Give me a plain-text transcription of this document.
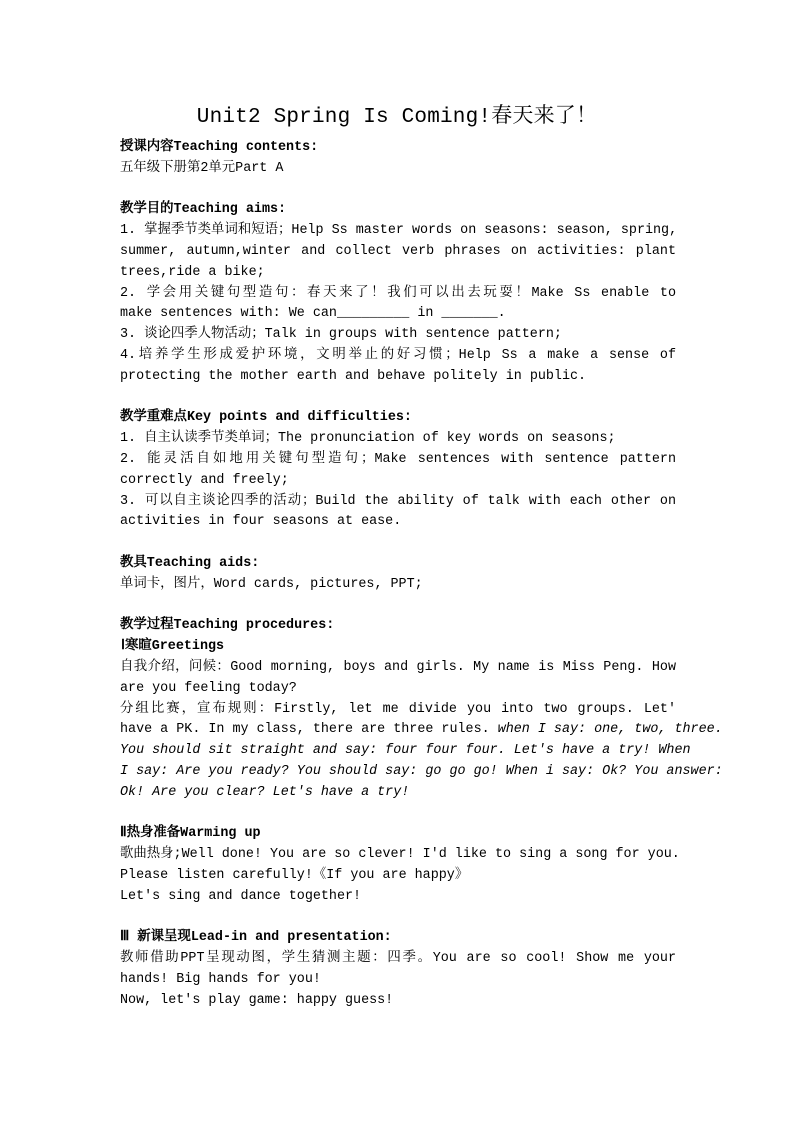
Unit2 Spring Is Coming!春天来了！
授课内容Teaching contents:
五年级下册第2单元Part A
教学目的Teaching aims:
1. 掌握季节类单词和短语；Help Ss master words on seasons: season, spring,
summer, autumn,winter and collect verb phrases on activities: plant
trees,ride a bike;
2. 学会用关键句型造句：春天来了！我们可以出去玩耍！Make Ss enable to
make sentences with: We can_________ in _______.
3. 谈论四季人物活动；Talk in groups with sentence pattern;
4.培养学生形成爱护环境，文明举止的好习惯；Help Ss a make a sense of
protecting the mother earth and behave politely in public.
教学重难点Key points and difficulties:
1. 自主认读季节类单词；The pronunciation of key words on seasons;
2. 能灵活自如地用关键句型造句；Make sentences with sentence pattern
correctly and freely;
3. 可以自主谈论四季的活动；Build the ability of talk with each other on
activities in four seasons at ease.
教具Teaching aids:
单词卡，图片，Word cards, pictures, PPT;
教学过程Teaching procedures:
Ⅰ寒暄Greetings
自我介绍，问候：Good morning, boys and girls. My name is Miss Peng. How
are you feeling today?
分组比赛，宣布规则：Firstly, let me divide you into two groups. Let'
have a PK. In my class, there are three rules. when I say: one, two, three.
You should sit straight and say: four four four. Let's have a try! When
I say: Are you ready? You should say: go go go! When i say: Ok? You answer:
Ok! Are you clear? Let's have a try!
Ⅱ热身准备Warming up
歌曲热身;Well done! You are so clever! I'd like to sing a song for you.
Please listen carefully!《If you are happy》
Let's sing and dance together!
Ⅲ 新课呈现Lead-in and presentation:
教师借助PPT呈现动图，学生猜测主题：四季。You are so cool! Show me your
hands! Big hands for you!
Now, let's play game: happy guess!
